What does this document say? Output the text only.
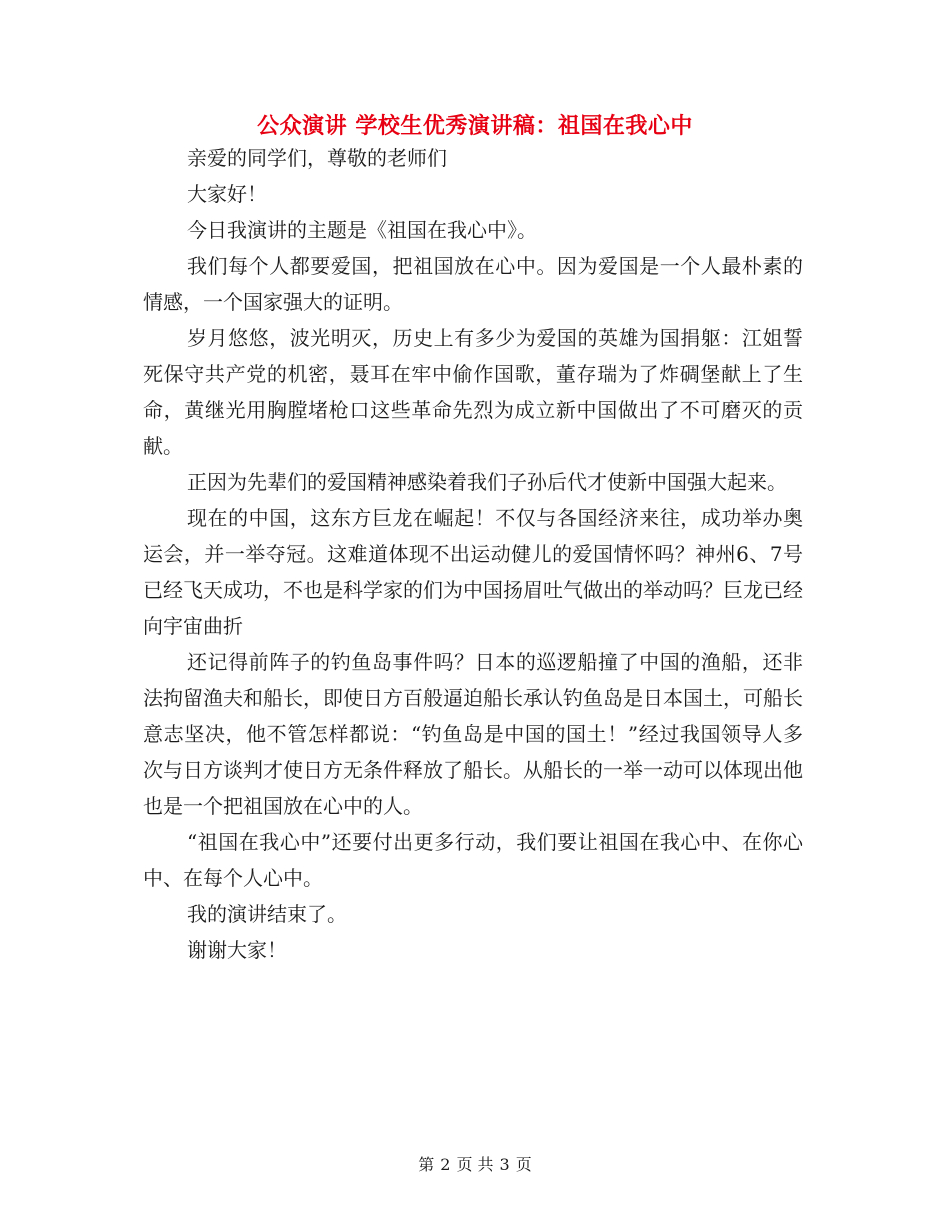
公众演讲 学校生优秀演讲稿：祖国在我心中

亲爱的同学们，尊敬的老师们

大家好！

今日我演讲的主题是《祖国在我心中》。

我们每个人都要爱国，把祖国放在心中。因为爱国是一个人最朴素的情感，一个国家强大的证明。

岁月悠悠，波光明灭，历史上有多少为爱国的英雄为国捐躯：江姐誓死保守共产党的机密，聂耳在牢中偷作国歌，董存瑞为了炸碉堡献上了生命，黄继光用胸膛堵枪口这些革命先烈为成立新中国做出了不可磨灭的贡献。

正因为先辈们的爱国精神感染着我们子孙后代才使新中国强大起来。

现在的中国，这东方巨龙在崛起！不仅与各国经济来往，成功举办奥运会，并一举夺冠。这难道体现不出运动健儿的爱国情怀吗？神州6、7号已经飞天成功，不也是科学家的们为中国扬眉吐气做出的举动吗？巨龙已经向宇宙曲折

还记得前阵子的钓鱼岛事件吗？日本的巡逻船撞了中国的渔船，还非法拘留渔夫和船长，即使日方百般逼迫船长承认钓鱼岛是日本国土，可船长意志坚决，他不管怎样都说：“钓鱼岛是中国的国土！”经过我国领导人多次与日方谈判才使日方无条件释放了船长。从船长的一举一动可以体现出他也是一个把祖国放在心中的人。

“祖国在我心中”还要付出更多行动，我们要让祖国在我心中、在你心中、在每个人心中。

我的演讲结束了。

谢谢大家！

第 2 页 共 3 页
